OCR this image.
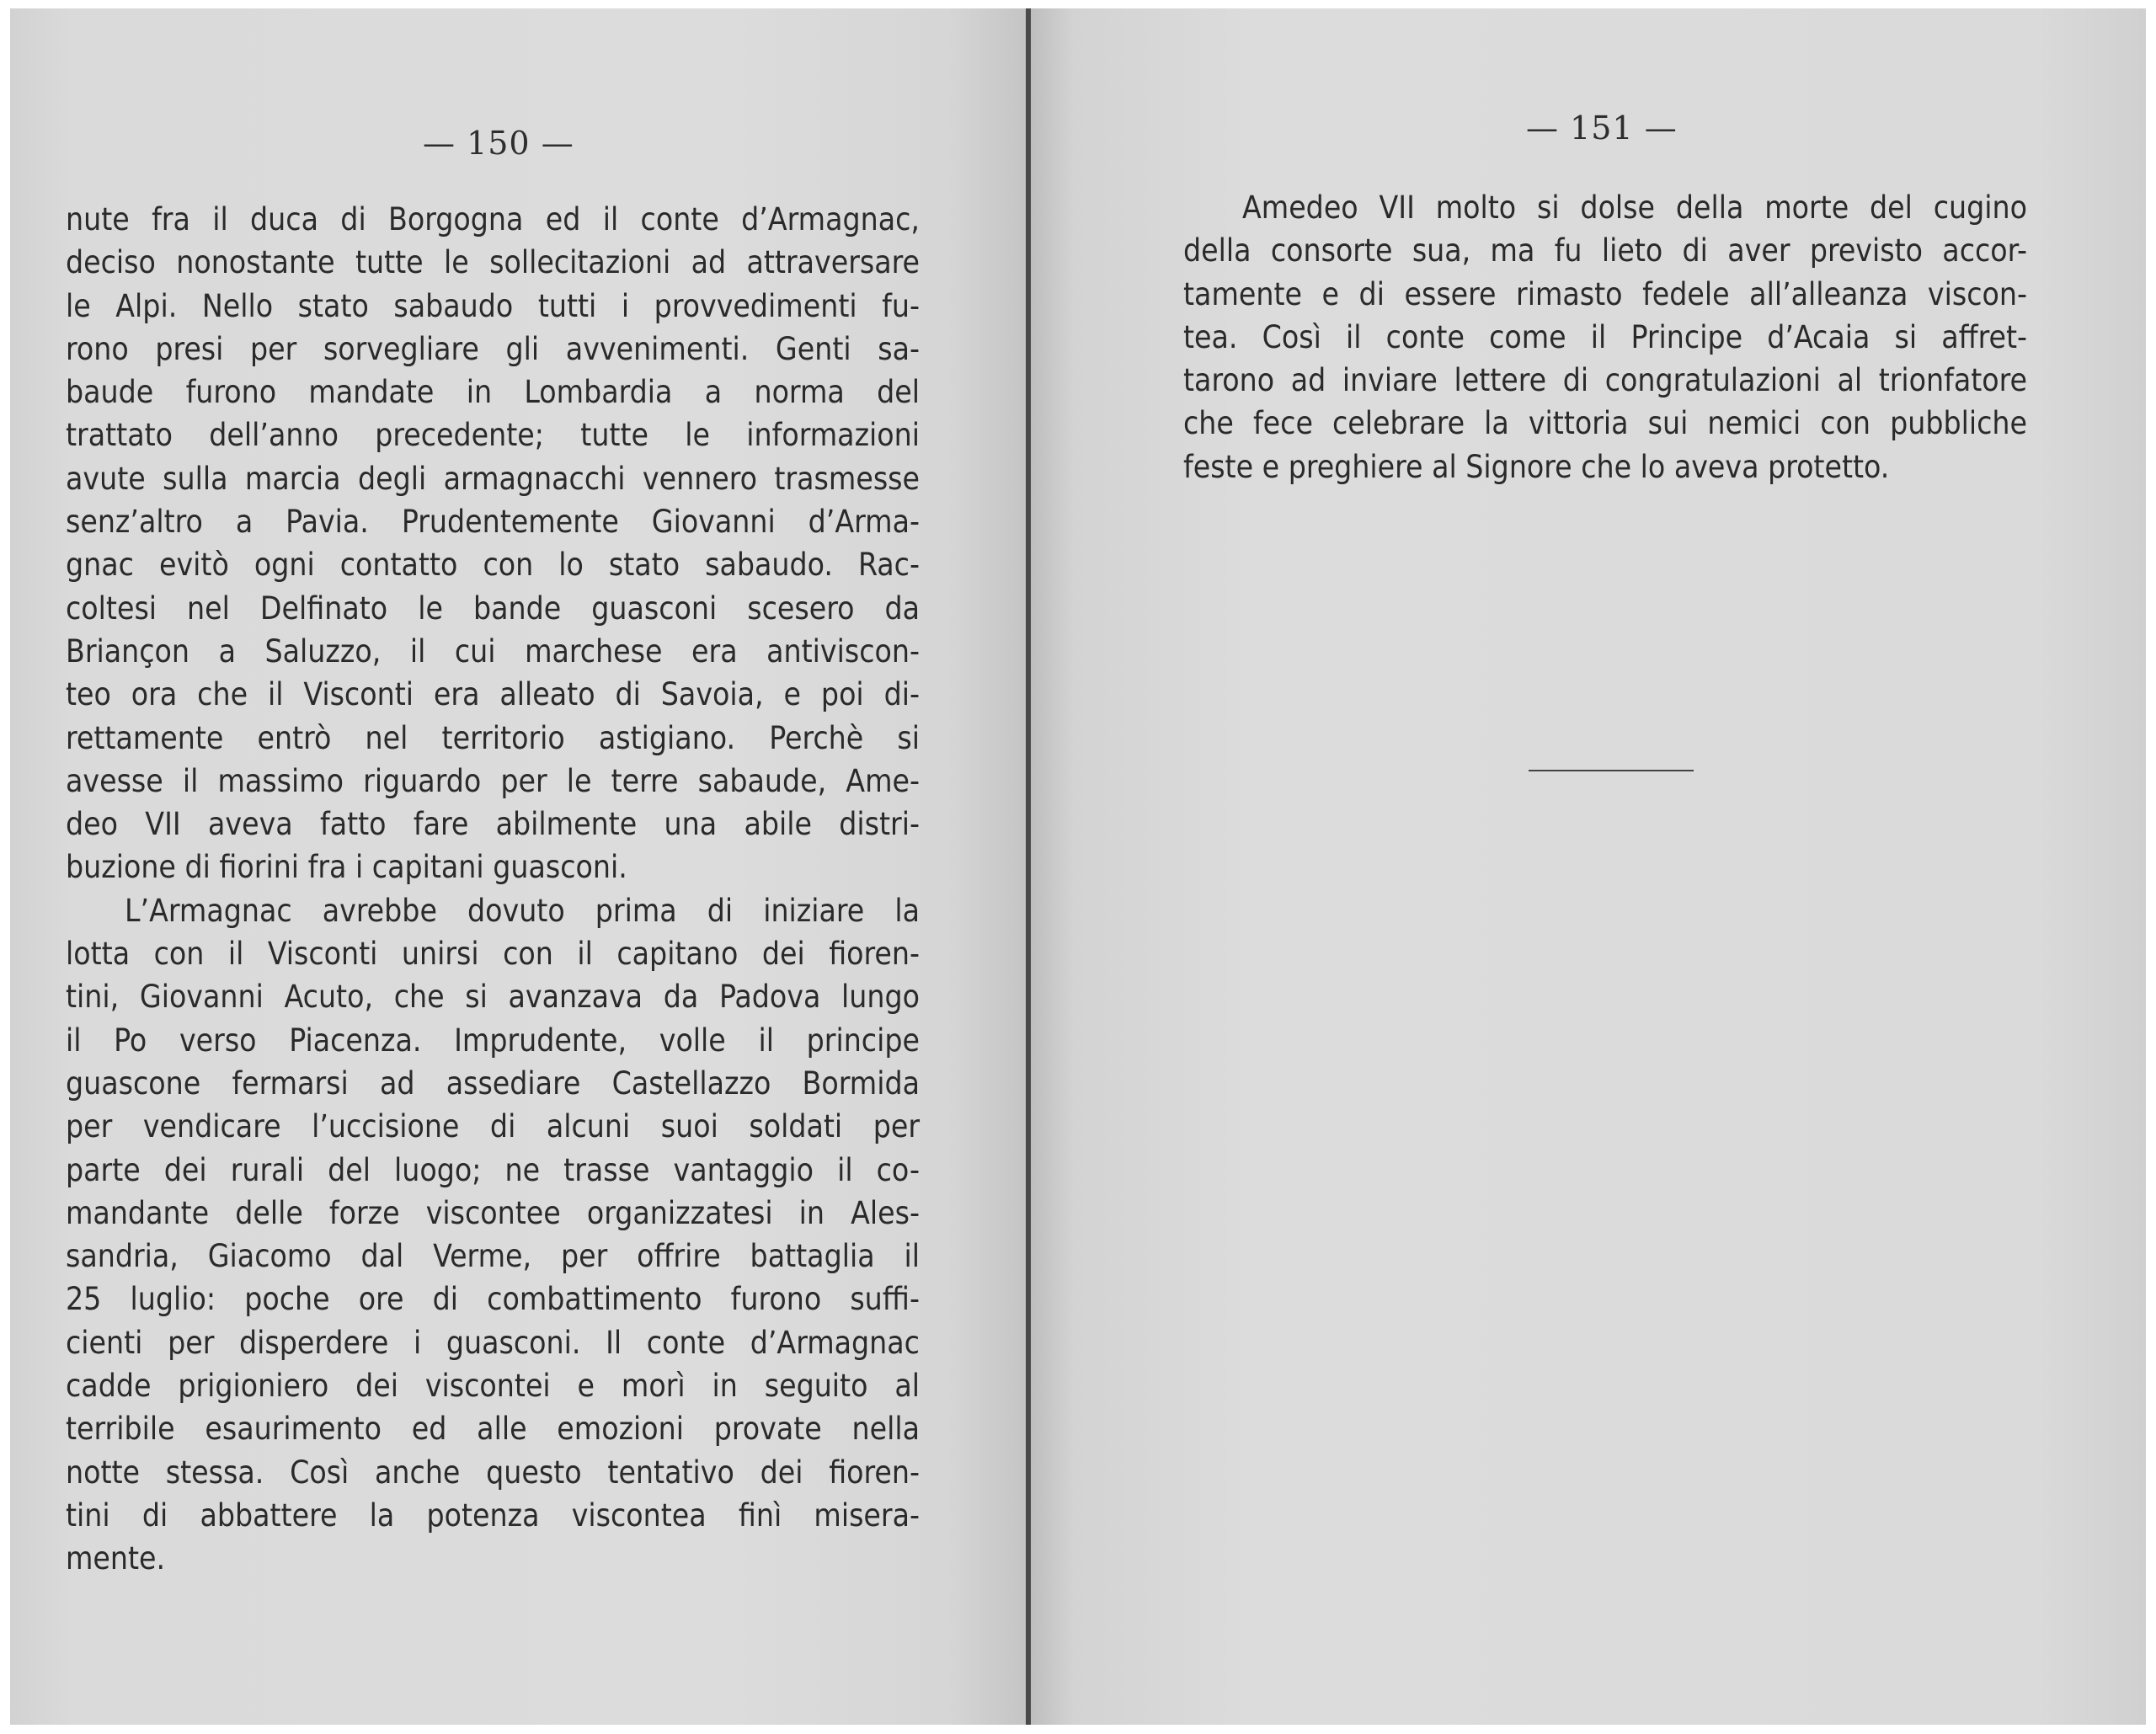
— 150 —
nute fra il duca di Borgogna ed il conte d’Armagnac,
deciso nonostante tutte le sollecitazioni ad attraversare
le Alpi. Nello stato sabaudo tutti i provvedimenti fu-
rono presi per sorvegliare gli avvenimenti. Genti sa-
baude furono mandate in Lombardia a norma del
trattato dell’anno precedente; tutte le informazioni
avute sulla marcia degli armagnacchi vennero trasmesse
senz’altro a Pavia. Prudentemente Giovanni d’Arma-
gnac evitò ogni contatto con lo stato sabaudo. Rac-
coltesi nel Delfinato le bande guasconi scesero da
Briançon a Saluzzo, il cui marchese era antiviscon-
teo ora che il Visconti era alleato di Savoia, e poi di-
rettamente entrò nel territorio astigiano. Perchè si
avesse il massimo riguardo per le terre sabaude, Ame-
deo VII aveva fatto fare abilmente una abile distri-
buzione di fiorini fra i capitani guasconi.
L’Armagnac avrebbe dovuto prima di iniziare la
lotta con il Visconti unirsi con il capitano dei fioren-
tini, Giovanni Acuto, che si avanzava da Padova lungo
il Po verso Piacenza. Imprudente, volle il principe
guascone fermarsi ad assediare Castellazzo Bormida
per vendicare l’uccisione di alcuni suoi soldati per
parte dei rurali del luogo; ne trasse vantaggio il co-
mandante delle forze viscontee organizzatesi in Ales-
sandria, Giacomo dal Verme, per offrire battaglia il
25 luglio: poche ore di combattimento furono suffi-
cienti per disperdere i guasconi. Il conte d’Armagnac
cadde prigioniero dei viscontei e morì in seguito al
terribile esaurimento ed alle emozioni provate nella
notte stessa. Così anche questo tentativo dei fioren-
tini di abbattere la potenza viscontea finì misera-
mente.
— 151 —
Amedeo VII molto si dolse della morte del cugino
della consorte sua, ma fu lieto di aver previsto accor-
tamente e di essere rimasto fedele all’alleanza viscon-
tea. Così il conte come il Principe d’Acaia si affret-
tarono ad inviare lettere di congratulazioni al trionfatore
che fece celebrare la vittoria sui nemici con pubbliche
feste e preghiere al Signore che lo aveva protetto.
